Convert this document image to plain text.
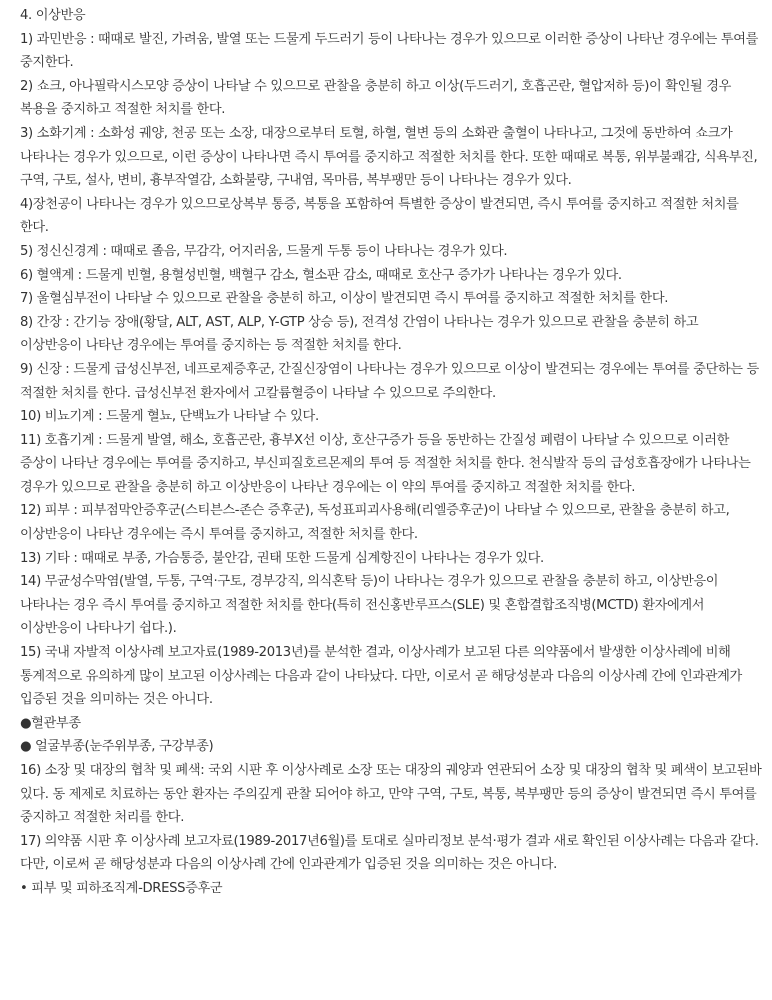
4. 이상반응

1) 과민반응 : 때때로 발진, 가려움, 발열 또는 드물게 두드러기 등이 나타나는 경우가 있으므로 이러한 증상이 나타난 경우에는 투여를 중지한다.

2) 쇼크, 아나필락시스모양 증상이 나타날 수 있으므로 관찰을 충분히 하고 이상(두드러기, 호흡곤란, 혈압저하 등)이 확인될 경우 복용을 중지하고 적절한 처치를 한다.

3) 소화기계 : 소화성 궤양, 천공 또는 소장, 대장으로부터 토혈, 하혈, 혈변 등의 소화관 출혈이 나타나고, 그것에 동반하여 쇼크가 나타나는 경우가 있으므로, 이런 증상이 나타나면 즉시 투여를 중지하고 적절한 처치를 한다. 또한 때때로 복통, 위부불쾌감, 식욕부진, 구역, 구토, 설사, 변비, 흉부작열감, 소화불량, 구내염, 목마름, 복부팽만 등이 나타나는 경우가 있다.

4)장천공이 나타나는 경우가 있으므로상복부 통증, 복통을 포함하여 특별한 증상이 발견되면, 즉시 투여를 중지하고 적절한 처치를 한다.

5) 정신신경계 : 때때로 졸음, 무감각, 어지러움, 드물게 두통 등이 나타나는 경우가 있다.

6) 혈액계 : 드물게 빈혈, 용혈성빈혈, 백혈구 감소, 혈소판 감소, 때때로 호산구 증가가 나타나는 경우가 있다.

7) 울혈심부전이 나타날 수 있으므로 관찰을 충분히 하고, 이상이 발견되면 즉시 투여를 중지하고 적절한 처치를 한다.

8) 간장 : 간기능 장애(황달, ALT, AST, ALP, Y-GTP 상승 등), 전격성 간염이 나타나는 경우가 있으므로 관찰을 충분히 하고 이상반응이 나타난 경우에는 투여를 중지하는 등 적절한 처치를 한다.

9) 신장 : 드물게 급성신부전, 네프로제증후군, 간질신장염이 나타나는 경우가 있으므로 이상이 발견되는 경우에는 투여를 중단하는 등 적절한 처치를 한다. 급성신부전 환자에서 고칼륨혈증이 나타날 수 있으므로 주의한다.

10) 비뇨기계 : 드물게 혈뇨, 단백뇨가 나타날 수 있다.

11) 호흡기계 : 드물게 발열, 해소, 호흡곤란, 흉부X선 이상, 호산구증가 등을 동반하는 간질성 폐렴이 나타날 수 있으므로 이러한 증상이 나타난 경우에는 투여를 중지하고, 부신피질호르몬제의 투여 등 적절한 처치를 한다. 천식발작 등의 급성호흡장애가 나타나는 경우가 있으므로 관찰을 충분히 하고 이상반응이 나타난 경우에는 이 약의 투여를 중지하고 적절한 처치를 한다.

12) 피부 : 피부점막안증후군(스티븐스-존슨 증후군), 독성표피괴사용해(리엘증후군)이 나타날 수 있으므로, 관찰을 충분히 하고, 이상반응이 나타난 경우에는 즉시 투여를 중지하고, 적절한 처치를 한다.

13) 기타 : 때때로 부종, 가슴통증, 불안감, 권태 또한 드물게 심계항진이 나타나는 경우가 있다.

14) 무균성수막염(발열, 두통, 구역·구토, 경부강직, 의식혼탁 등)이 나타나는 경우가 있으므로 관찰을 충분히 하고, 이상반응이 나타나는 경우 즉시 투여를 중지하고 적절한 처치를 한다(특히 전신홍반루프스(SLE) 및 혼합결합조직병(MCTD) 환자에게서 이상반응이 나타나기 쉽다.).

15) 국내 자발적 이상사례 보고자료(1989-2013년)를 분석한 결과, 이상사례가 보고된 다른 의약품에서 발생한 이상사례에 비해 통계적으로 유의하게 많이 보고된 이상사례는 다음과 같이 나타났다. 다만, 이로서 곧 해당성분과 다음의 이상사례 간에 인과관계가 입증된 것을 의미하는 것은 아니다.

●혈관부종

● 얼굴부종(눈주위부종, 구강부종)

16) 소장 및 대장의 협착 및 폐색: 국외 시판 후 이상사례로 소장 또는 대장의 궤양과 연관되어 소장 및 대장의 협착 및 폐색이 보고된바 있다. 동 제제로 치료하는 동안 환자는 주의깊게 관찰 되어야 하고, 만약 구역, 구토, 복통, 복부팽만 등의 증상이 발견되면 즉시 투여를 중지하고 적절한 처리를 한다.

17) 의약품 시판 후 이상사례 보고자료(1989-2017년6월)를 토대로 실마리정보 분석·평가 결과 새로 확인된 이상사례는 다음과 같다. 다만, 이로써 곧 해당성분과 다음의 이상사례 간에 인과관계가 입증된 것을 의미하는 것은 아니다.

• 피부 및 피하조직계-DRESS증후군
